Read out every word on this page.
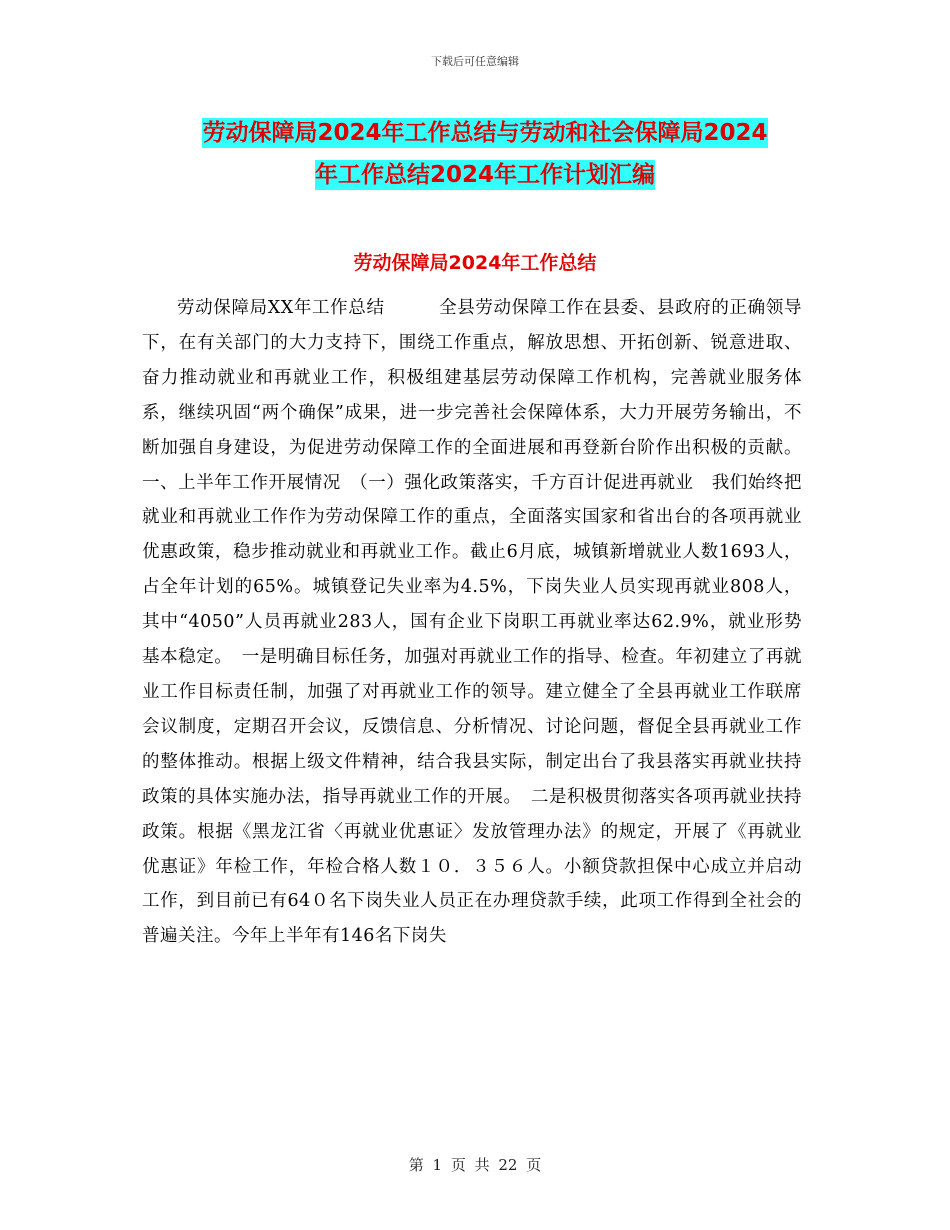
下载后可任意编辑
劳动保障局2024年工作总结与劳动和社会保障局2024
年工作总结2024年工作计划汇编
劳动保障局2024年工作总结
劳动保障局XX年工作总结　　　全县劳动保障工作在县委、县政府的正确领导下，在有关部门的大力支持下，围绕工作重点，解放思想、开拓创新、锐意进取、奋力推动就业和再就业工作，积极组建基层劳动保障工作机构，完善就业服务体系，继续巩固“两个确保”成果，进一步完善社会保障体系，大力开展劳务输出，不断加强自身建设，为促进劳动保障工作的全面进展和再登新台阶作出积极的贡献。一、上半年工作开展情况　（一）强化政策落实，千方百计促进再就业　我们始终把就业和再就业工作作为劳动保障工作的重点，全面落实国家和省出台的各项再就业优惠政策，稳步推动就业和再就业工作。截止6月底，城镇新增就业人数1693人，占全年计划的65%。城镇登记失业率为4.5%，下岗失业人员实现再就业808人，其中“4050”人员再就业283人，国有企业下岗职工再就业率达62.9%，就业形势基本稳定。　一是明确目标任务，加强对再就业工作的指导、检查。年初建立了再就业工作目标责任制，加强了对再就业工作的领导。建立健全了全县再就业工作联席会议制度，定期召开会议，反馈信息、分析情况、讨论问题，督促全县再就业工作的整体推动。根据上级文件精神，结合我县实际，制定出台了我县落实再就业扶持政策的具体实施办法，指导再就业工作的开展。　二是积极贯彻落实各项再就业扶持政策。根据《黑龙江省〈再就业优惠证〉发放管理办法》的规定，开展了《再就业优惠证》年检工作，年检合格人数１０．３５６人。小额贷款担保中心成立并启动工作，到目前已有64０名下岗失业人员正在办理贷款手续，此项工作得到全社会的普遍关注。今年上半年有146名下岗失
第 1 页 共 22 页
